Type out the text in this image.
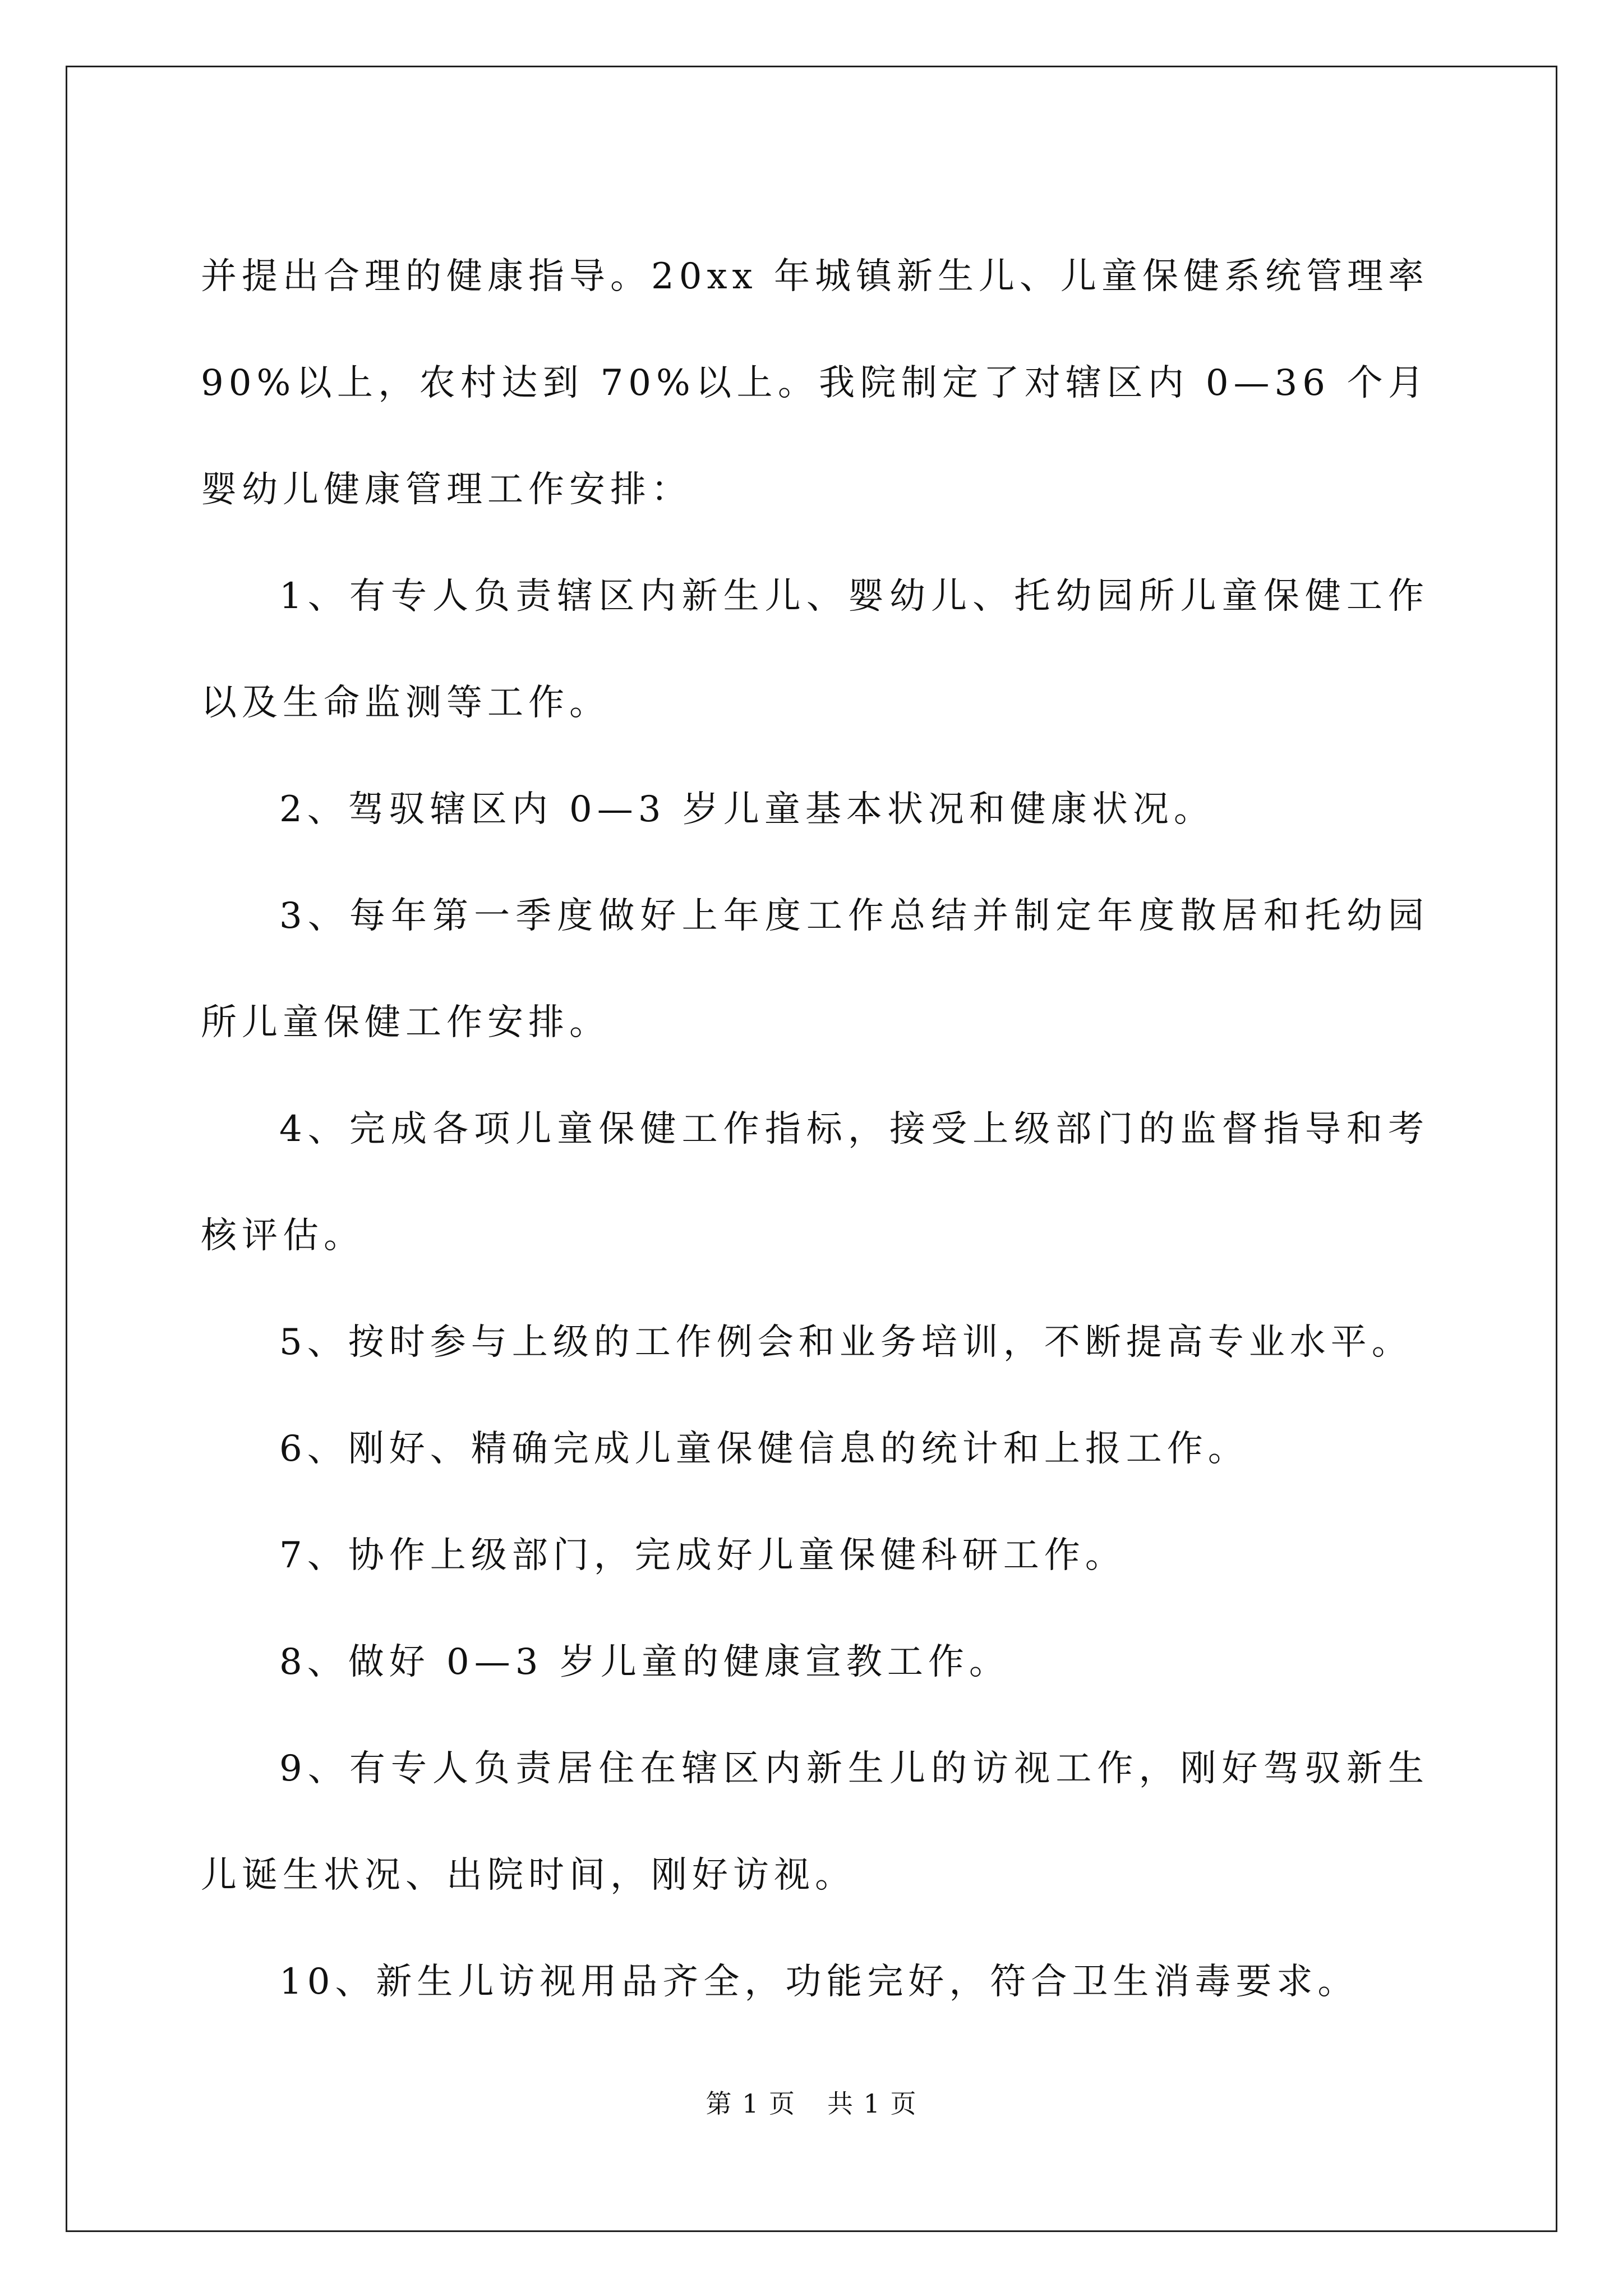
并提出合理的健康指导。20xx 年城镇新生儿、儿童保健系统管理率 90%以上，农村达到 70%以上。我院制定了对辖区内 0—36 个月婴幼儿健康管理工作安排：

1、有专人负责辖区内新生儿、婴幼儿、托幼园所儿童保健工作以及生命监测等工作。

2、驾驭辖区内 0—3 岁儿童基本状况和健康状况。

3、每年第一季度做好上年度工作总结并制定年度散居和托幼园所儿童保健工作安排。

4、完成各项儿童保健工作指标，接受上级部门的监督指导和考核评估。

5、按时参与上级的工作例会和业务培训，不断提高专业水平。

6、刚好、精确完成儿童保健信息的统计和上报工作。

7、协作上级部门，完成好儿童保健科研工作。

8、做好 0—3 岁儿童的健康宣教工作。

9、有专人负责居住在辖区内新生儿的访视工作，刚好驾驭新生儿诞生状况、出院时间，刚好访视。

10、新生儿访视用品齐全，功能完好，符合卫生消毒要求。

第 1 页 共 1 页
